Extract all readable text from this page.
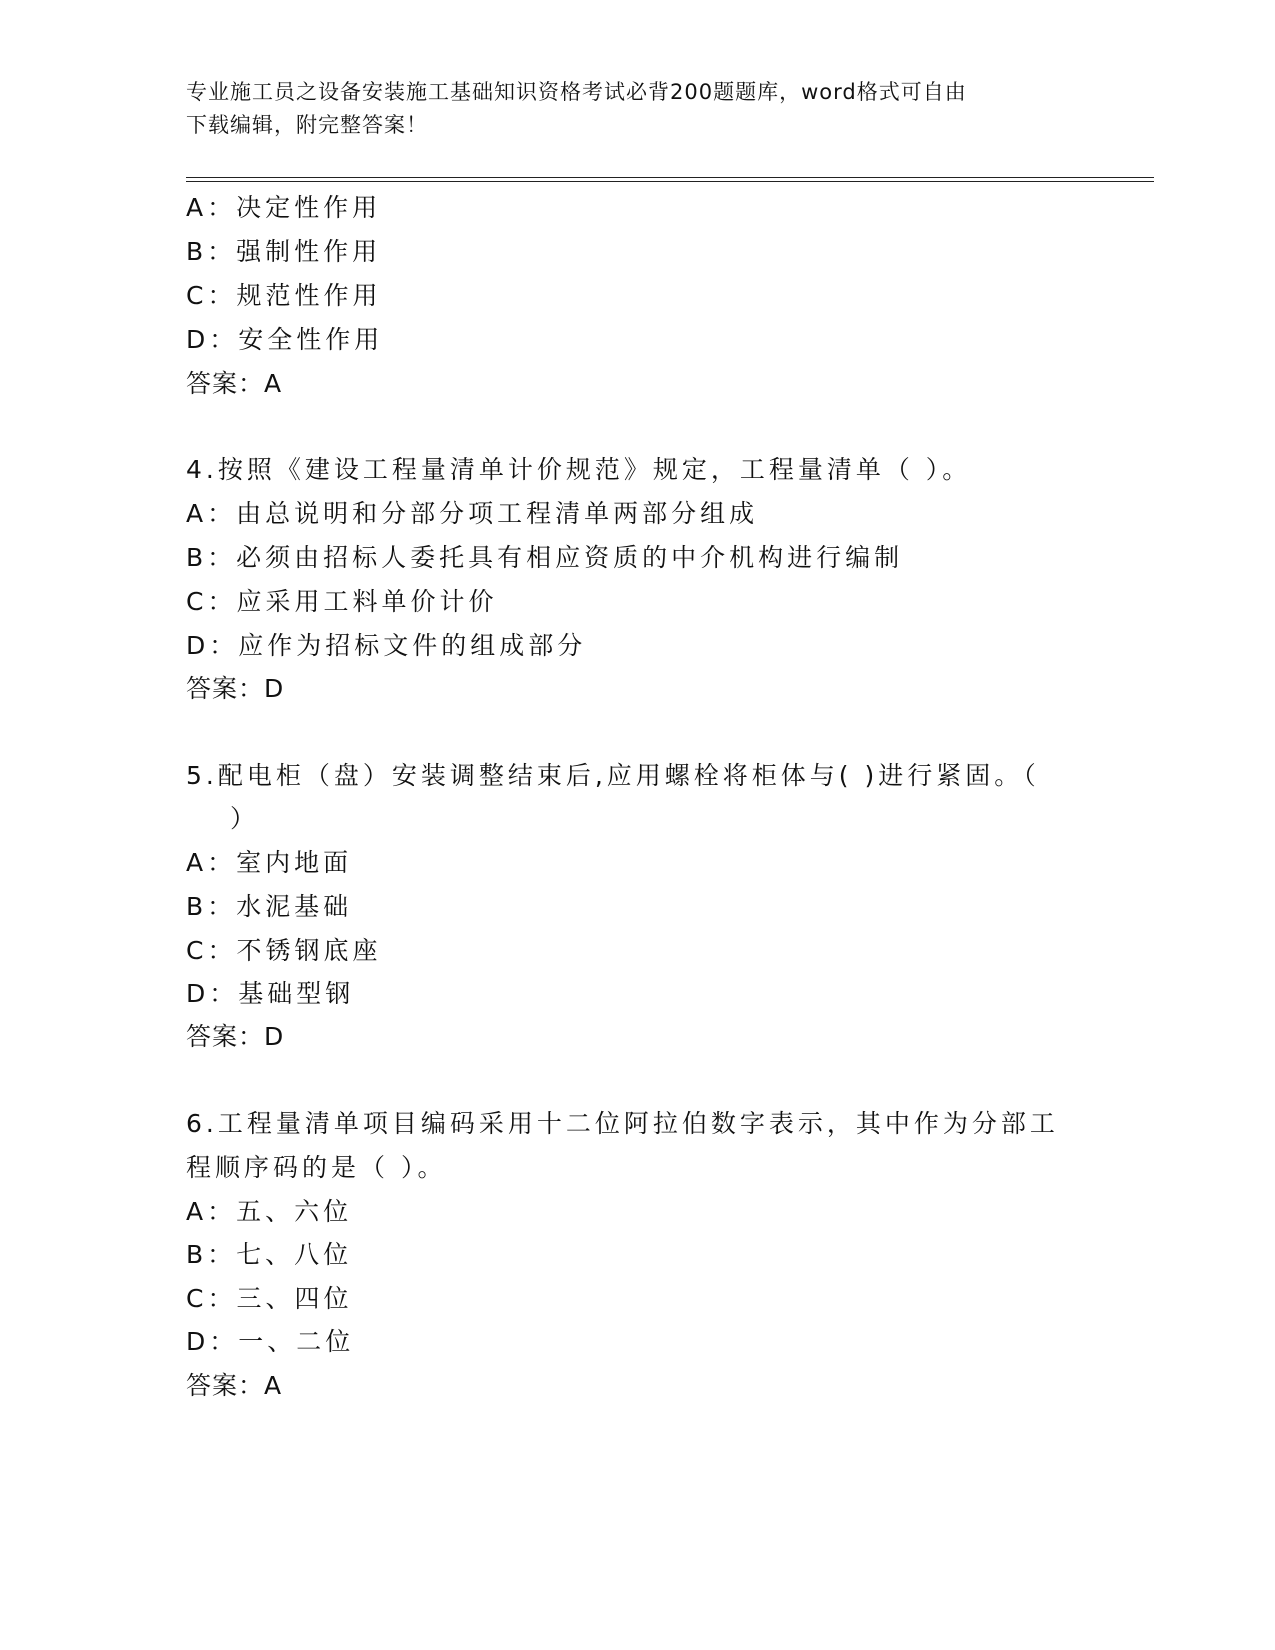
专业施工员之设备安装施工基础知识资格考试必背200题题库，word格式可自由
下载编辑，附完整答案！
A：决定性作用
B：强制性作用
C：规范性作用
D：安全性作用
答案：A
4.按照《建设工程量清单计价规范》规定，工程量清单（ ）。
A：由总说明和分部分项工程清单两部分组成
B：必须由招标人委托具有相应资质的中介机构进行编制
C：应采用工料单价计价
D：应作为招标文件的组成部分
答案：D
5.配电柜（盘）安装调整结束后,应用螺栓将柜体与( )进行紧固。（
）
A：室内地面
B：水泥基础
C：不锈钢底座
D：基础型钢
答案：D
6.工程量清单项目编码采用十二位阿拉伯数字表示，其中作为分部工
程顺序码的是（ ）。
A：五、六位
B：七、八位
C：三、四位
D：一、二位
答案：A
